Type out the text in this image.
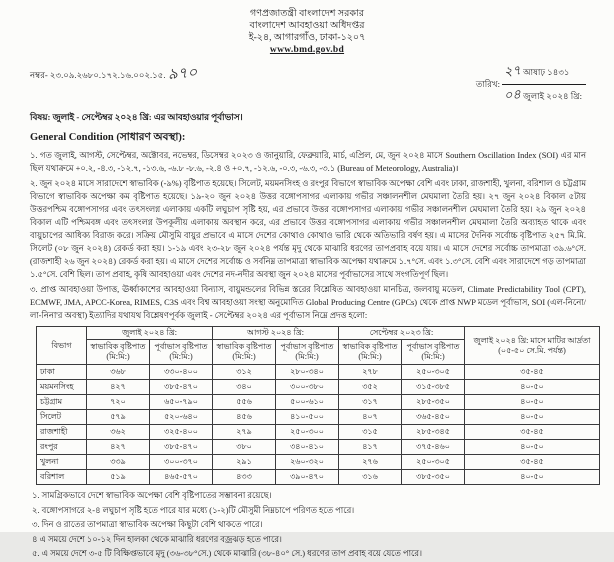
গণপ্রজাতন্ত্রী বাংলাদেশ সরকার
বাংলাদেশ আবহাওয়া অধিদপ্তর
ই-২৪, আগারগাঁও, ঢাকা-১২০৭
www.bmd.gov.bd
নম্বর- ২৩.০৯.২৬৮০.১৭২.১৬.০০২.১৫. ৯৭০
তারিখ: $\frac{\text{২৭ আষাঢ় ১৪৩১}}{\text{০৪ জুলাই ২০২৪ খ্রি:}}$
বিষয়: জুলাই - সেপ্টেম্বর ২০২৪ খ্রি: এর আবহাওয়ার পূর্বাভাস।
General Condition (সাধারণ অবস্থা):
১. গত জুলাই, আগস্ট, সেপ্টেম্বর, অক্টোবর, নভেম্বর, ডিসেম্বর ২০২৩ ও জানুয়ারি, ফেব্রুয়ারি, মার্চ, এপ্রিল, মে, জুন ২০২৪ মাসে Southern Oscillation Index (SOI) এর মান ছিল যথাক্রমে +০.২, -৪.৩, -১২.৭, -১৩.৬, -৬.৮ -৮.৬, -২.৪ ও +০.৭, -১২.৬, -০.৩, -৬.৩, -৩.১ (Bureau of Meteorology, Australia)।
২. জুন ২০২৪ মাসে সারাদেশে স্বাভাবিক (-৯%) বৃষ্টিপাত হয়েছে। সিলেট, ময়মনসিংহ ও রংপুর বিভাগে স্বাভাবিক অপেক্ষা বেশি এবং ঢাকা, রাজশাহী, খুলনা, বরিশাল ও চট্টগ্রাম বিভাগে স্বাভাবিক অপেক্ষা কম বৃষ্টিপাত হয়েছে। ১৯-২০ জুন ২০২৪ উত্তর বঙ্গোপসাগর এলাকায় গভীর সঞ্চালনশীল মেঘমালা তৈরি হয়। ২৭ জুন ২০২৪ বিকাল ৫টায় উত্তরপশ্চিম বঙ্গোপসাগর এবং তৎসংলগ্ন এলাকায় একটি লঘুচাপ সৃষ্টি হয়, এর প্রভাবে উত্তর বঙ্গোপসাগর এলাকায় গভীর সঞ্চালনশীল মেঘমালা তৈরি হয়। ২৯ জুন ২০২৪ বিকাল এটি পশ্চিমবঙ্গ এবং তৎসংলগ্ন উপকূলীয় এলাকায় অবস্থান করে, এর প্রভাবে উত্তর বঙ্গোপসাগর এলাকায় গভীর সঞ্চালনশীল মেঘমালা তৈরি অব্যাহত থাকে এবং বায়ুচাপের আধিক্য বিরাজ করে। সক্রিয় মৌসুমি বায়ুর প্রভাবে এ মাসে দেশের কোথাও কোথাও ভারি থেকে অতিভারি বর্ষণ হয়। এ মাসের দৈনিক সর্বোচ্চ বৃষ্টিপাত ২৫৭ মি.মি. সিলেট (০৮ জুন ২০২৪) রেকর্ড করা হয়। ১-১৯ এবং ২৩-২৮ জুন ২০২৪ পর্যন্ত মৃদু থেকে মাঝারি ধরণের তাপপ্রবাহ বয়ে যায়। এ মাসে দেশের সর্বোচ্চ তাপমাত্রা ৩৯.৬°সে. (রাজশাহী ২৬ জুন ২০২৪) রেকর্ড করা হয়। এ মাসে দেশের সর্বোচ্চ ও সর্বনিম্ন তাপমাত্রা স্বাভাবিক অপেক্ষা যথাক্রমে ১.৭°সে. এবং ১.৩°সে. বেশি এবং সারাদেশে গড় তাপমাত্রা ১.৫°সে. বেশি ছিল। তাপ প্রবাহ, কৃষি আবহাওয়া এবং দেশের নদ-নদীর অবস্থা জুন ২০২৪ মাসের পূর্বাভাসের সাথে সংগতিপূর্ণ ছিল।
৩. প্রাপ্ত আবহাওয়া উপাত্ত, ঊর্ধ্বাকাশের আবহাওয়া বিন্যাস, বায়ুমন্ডলের বিভিন্ন স্তরের বিশ্লেষিত আবহাওয়া মানচিত্র, জলবায়ু মডেল, Climate Predictability Tool (CPT), ECMWF, JMA, APCC-Korea, RIMES, C3S এবং বিশ্ব আবহাওয়া সংস্থা অনুমোদিত Global Producing Centre (GPCs) থেকে প্রাপ্ত NWP মডেল পূর্বাভাস, SOI (এল-নিনো/লা-নিনা'র অবস্থা) ইত্যাদির যথাযথ বিশ্লেষণপূর্বক জুলাই - সেপ্টেম্বর ২০২৪ এর পূর্বাভাস নিম্নে প্রদত্ত হলো:
বিভাগ	জুলাই ২০২৪ খ্রি:		আগস্ট ২০২৪ খ্রি:		সেপ্টেম্বর ২০২৩ খ্রি:		জুলাই ২০২৪ খ্রি: মাসে মাটির আর্দ্রতা (০৫-৫০ সে.মি. পর্যন্ত)
	স্বাভাবিক বৃষ্টিপাত (মি:মি:)	পূর্বাভাস বৃষ্টিপাত (মি:মি:)	স্বাভাবিক বৃষ্টিপাত (মি:মি:)	পূর্বাভাস বৃষ্টিপাত (মি:মি:)	স্বাভাবিক বৃষ্টিপাত (মি:মি:)	পূর্বাভাস বৃষ্টিপাত (মি:মি:)	
ঢাকা	৩৬৮	৩৩০-৪০০	৩১২	২৮০-৩৪০	২৭৮	২৫০-৩০৫	৩৫-৪৫
ময়মনসিংহ	৪২৭	৩৮৫-৪৭০	৩৪০	৩০০-৩৮০	৩৫২	৩১৫-৩৮৫	৪০-৫০
চট্টগ্রাম	৭২০	৬৫০-৭৯০	৫৫৬	৫০০-৬১০	৩১৭	২৮৫-৩৫০	৪০-৫০
সিলেট	৫৭৯	৫২০-৬৪০	৪৫৬	৪১০-৫০০	৪০৭	৩৬৫-৪৫০	৪০-৫০
রাজশাহী	৩৬২	৩২৫-৪০০	২৭৯	২৫০-৩০০	৩১৫	২৮৫-৩৪৫	৩৫-৪৫
রংপুর	৪২৭	৩৮৫-৪৭০	৩৮০	৩৪০-৪১০	৪১৭	৩৭৫-৪৬০	৪০-৫০
খুলনা	৩৩৯	৩০০-৩৭০	২৯১	২৬০-৩২০	২৭৬	২৫০-৩০৫	৩৫-৪৫
বরিশাল	৫১৯	৪৬৫-৫৭০	৪৩৩	৩৯০-৪৭০	৩১৬	৩৮৫-৩৫০	৪০-৫০
১. সামগ্রিকভাবে দেশে স্বাভাবিক অপেক্ষা বেশি বৃষ্টিপাতের সম্ভাবনা রয়েছে।
২. বঙ্গোপসাগরে ২-৪ লঘুচাপ সৃষ্টি হতে পারে যার মধ্যে (১-২)টি মৌসুমী নিম্নচাপে পরিণত হতে পারে।
৩. দিন ও রাতের তাপমাত্রা স্বাভাবিক অপেক্ষা কিছুটা বেশি থাকতে পারে।
৪ এ সময়ে দেশে ১০-১২ দিন হালকা থেকে মাঝারি ধরণের বজ্রঝড় হতে পারে।
৫. এ সময়ে দেশে ৩-৫ টি বিক্ষিপ্তভাবে মৃদু (৩৬-৩৮°সে.) থেকে মাঝারি (৩৮-৪০° সে.) ধরণের তাপ প্রবাহ বয়ে যেতে পারে।
